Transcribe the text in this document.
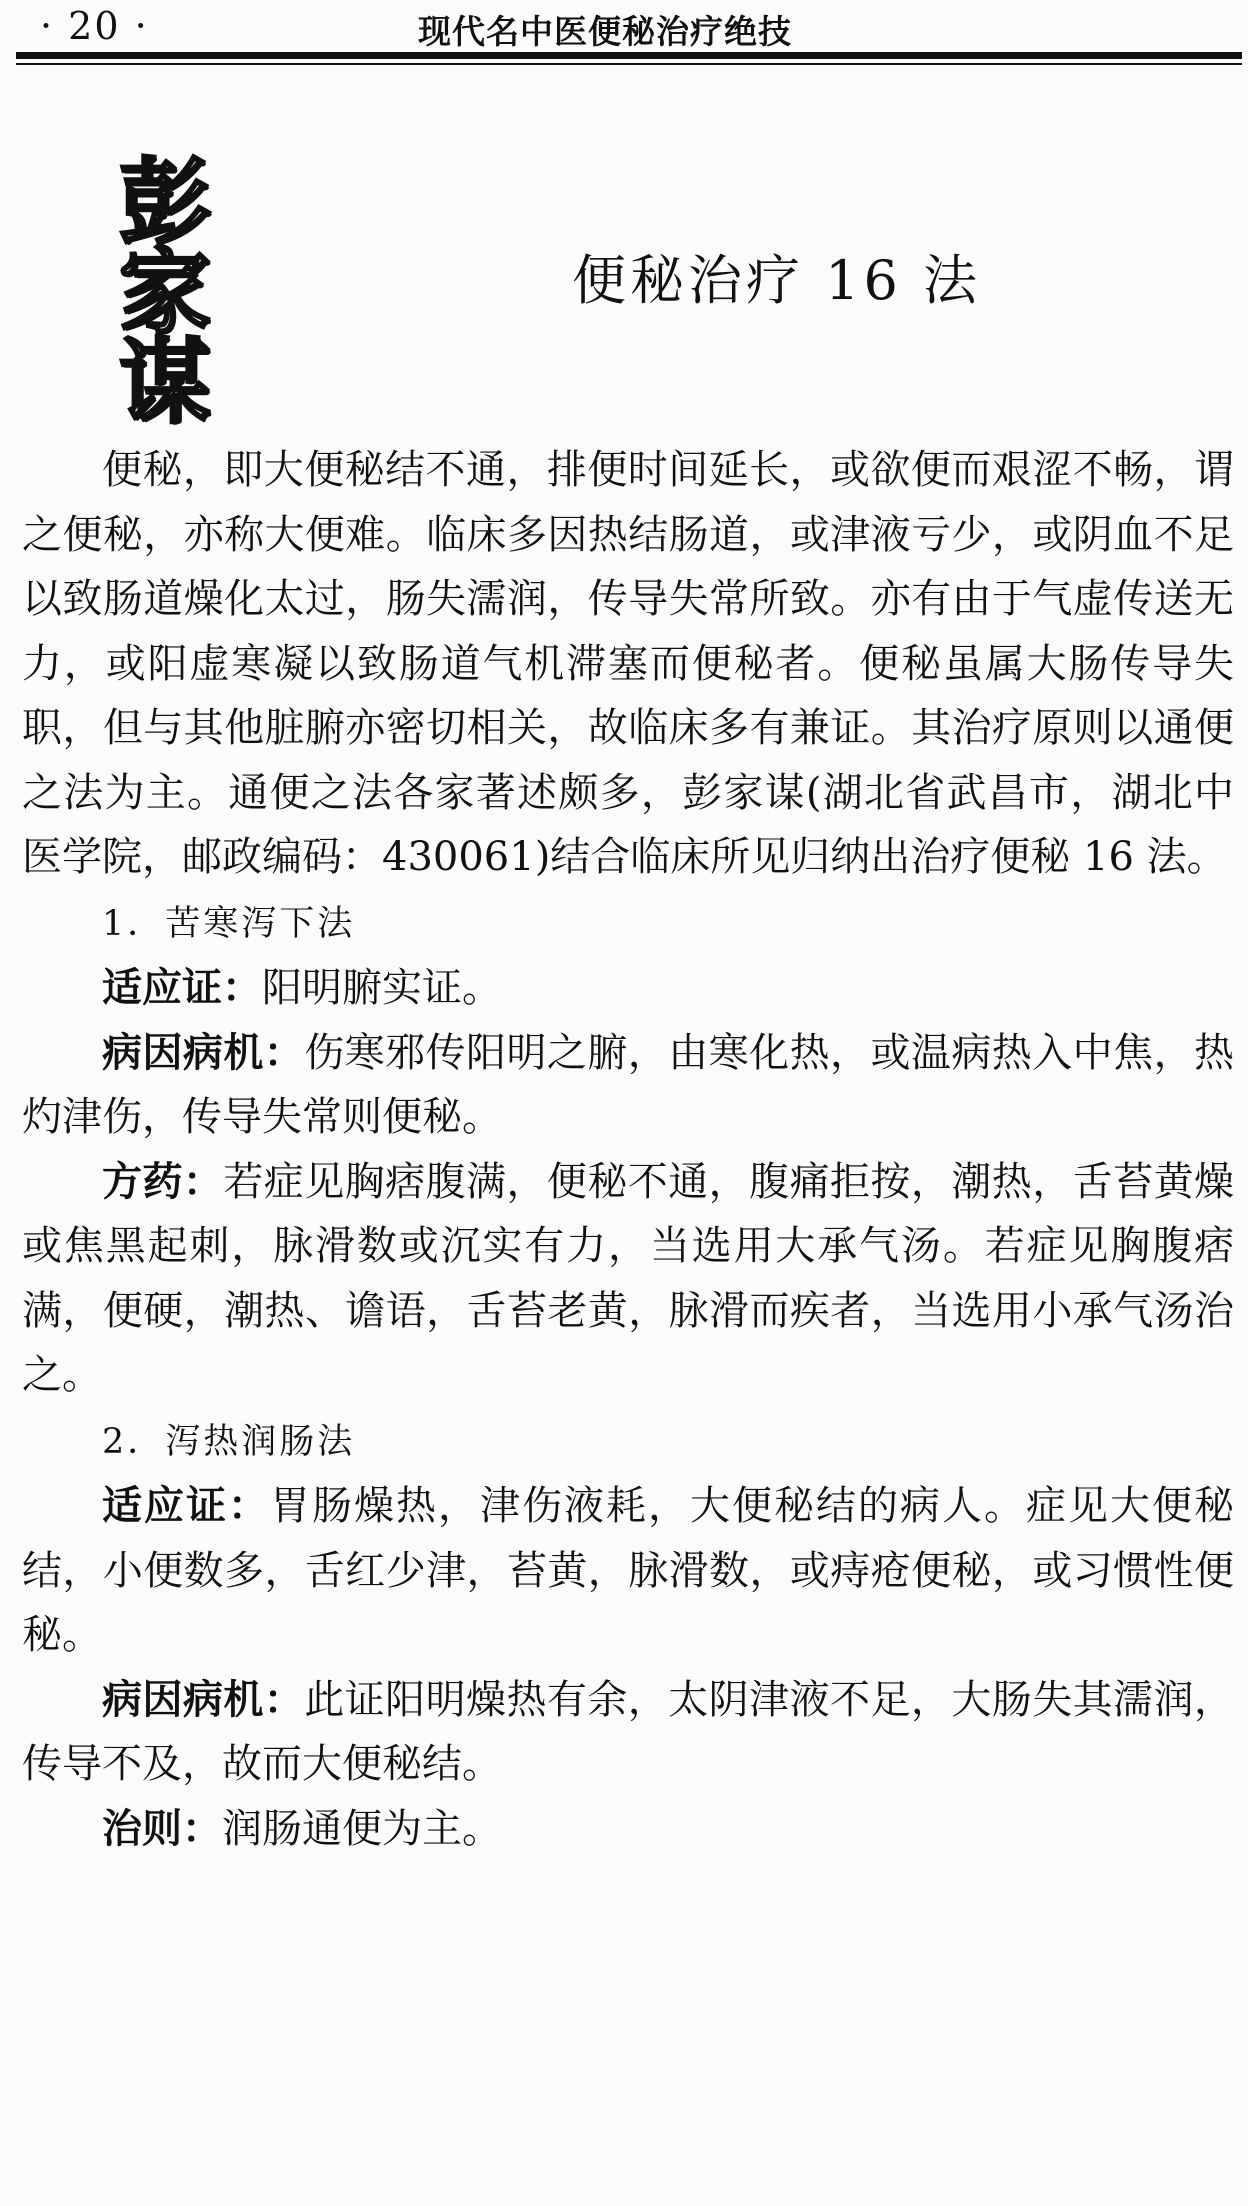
· 20 ·	现代名中医便秘治疗绝技
彭
家
谋
便秘治疗 16 法

便秘，即大便秘结不通，排便时间延长，或欲便而艰涩不畅，谓之便秘，亦称大便难。临床多因热结肠道，或津液亏少，或阴血不足以致肠道燥化太过，肠失濡润，传导失常所致。亦有由于气虚传送无力，或阳虚寒凝以致肠道气机滞塞而便秘者。便秘虽属大肠传导失职，但与其他脏腑亦密切相关，故临床多有兼证。其治疗原则以通便之法为主。通便之法各家著述颇多，彭家谋(湖北省武昌市，湖北中医学院，邮政编码：430061)结合临床所见归纳出治疗便秘 16 法。

1．苦寒泻下法

适应证：阳明腑实证。

病因病机：伤寒邪传阳明之腑，由寒化热，或温病热入中焦，热灼津伤，传导失常则便秘。

方药：若症见胸痞腹满，便秘不通，腹痛拒按，潮热，舌苔黄燥或焦黑起刺，脉滑数或沉实有力，当选用大承气汤。若症见胸腹痞满，便硬，潮热、谵语，舌苔老黄，脉滑而疾者，当选用小承气汤治之。

2．泻热润肠法

适应证：胃肠燥热，津伤液耗，大便秘结的病人。症见大便秘结，小便数多，舌红少津，苔黄，脉滑数，或痔疮便秘，或习惯性便秘。

病因病机：此证阳明燥热有余，太阴津液不足，大肠失其濡润，传导不及，故而大便秘结。

治则：润肠通便为主。
